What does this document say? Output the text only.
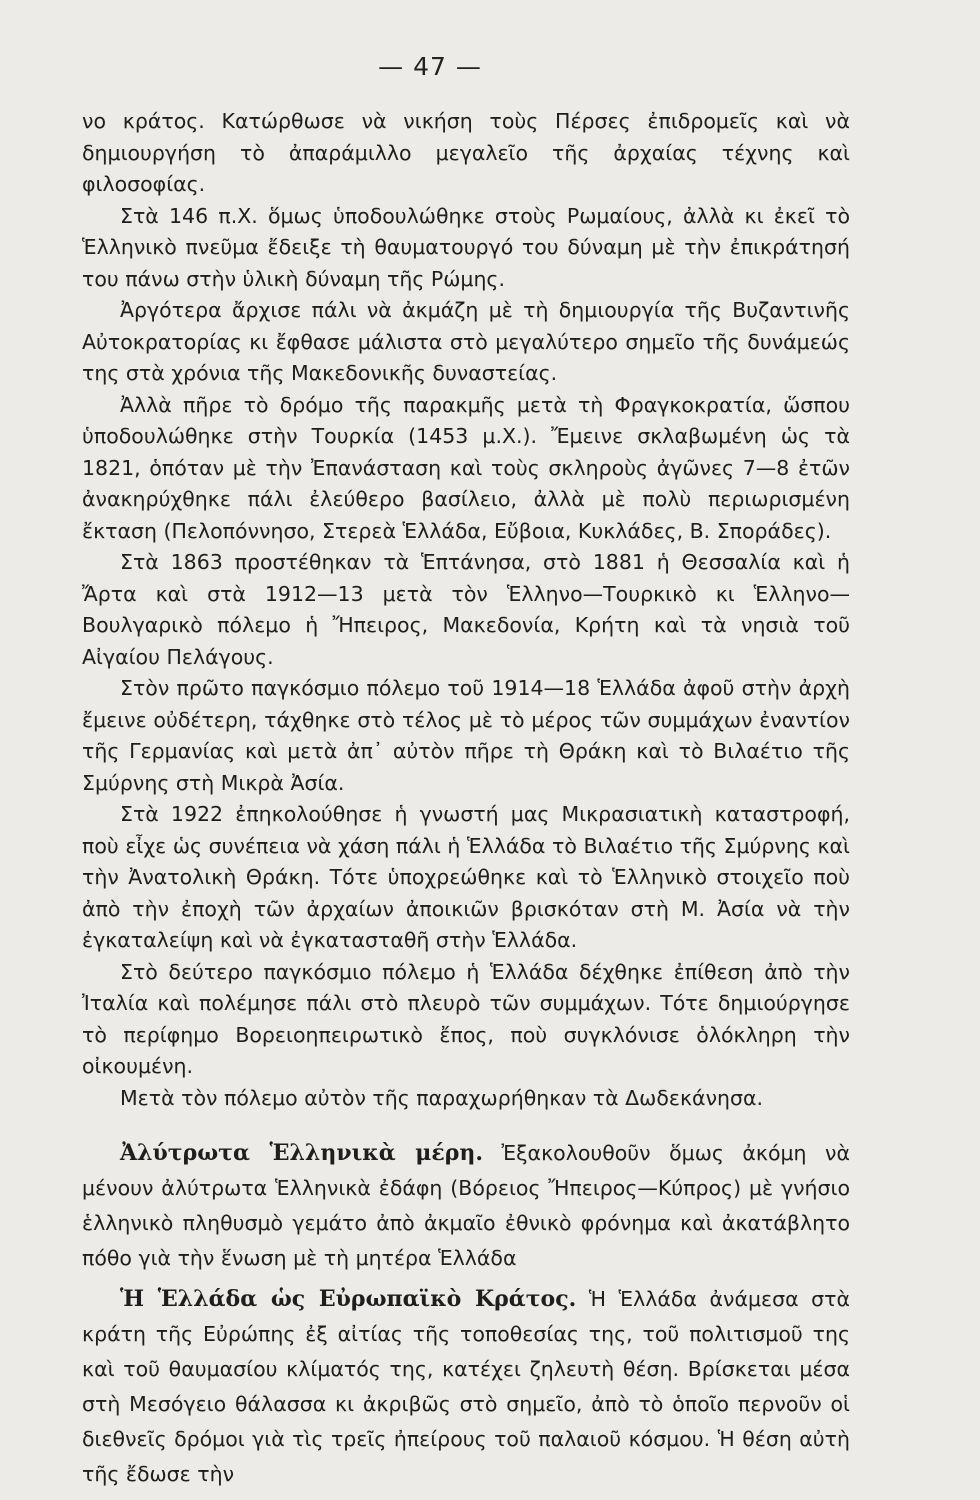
— 47 —

νο κράτος. Κατώρθωσε νὰ νικήση τοὺς Πέρσες ἐπιδρομεῖς καὶ νὰ δημιουργήση τὸ ἀπαράμιλλο μεγαλεῖο τῆς ἀρχαίας τέχνης καὶ φιλοσοφίας.

Στὰ 146 π.Χ. ὅμως ὑποδουλώθηκε στοὺς Ρωμαίους, ἀλλὰ κι ἐκεῖ τὸ Ἑλληνικὸ πνεῦμα ἔδειξε τὴ θαυματουργό του δύναμη μὲ τὴν ἐπικράτησή του πάνω στὴν ὑλικὴ δύναμη τῆς Ρώμης.

Ἀργότερα ἄρχισε πάλι νὰ ἀκμάζη μὲ τὴ δημιουργία τῆς Βυζαντινῆς Αὐτοκρατορίας κι ἔφθασε μάλιστα στὸ μεγαλύτερο σημεῖο τῆς δυνάμεώς της στὰ χρόνια τῆς Μακεδονικῆς δυναστείας.

Ἀλλὰ πῆρε τὸ δρόμο τῆς παρακμῆς μετὰ τὴ Φραγκοκρατία, ὥσπου ὑποδουλώθηκε στὴν Τουρκία (1453 μ.Χ.). Ἔμεινε σκλαβωμένη ὡς τὰ 1821, ὁπόταν μὲ τὴν Ἐπανάσταση καὶ τοὺς σκληροὺς ἀγῶνες 7—8 ἐτῶν ἀνακηρύχθηκε πάλι ἐλεύθερο βασίλειο, ἀλλὰ μὲ πολὺ περιωρισμένη ἔκταση (Πελοπόννησο, Στερεὰ Ἑλλάδα, Εὔβοια, Κυκλάδες, Β. Σποράδες).

Στὰ 1863 προστέθηκαν τὰ Ἑπτάνησα, στὸ 1881 ἡ Θεσσαλία καὶ ἡ Ἄρτα καὶ στὰ 1912—13 μετὰ τὸν Ἑλληνο—Τουρκικὸ κι Ἑλληνο—Βουλγαρικὸ πόλεμο ἡ Ἤπειρος, Μακεδονία, Κρήτη καὶ τὰ νησιὰ τοῦ Αἰγαίου Πελάγους.

Στὸν πρῶτο παγκόσμιο πόλεμο τοῦ 1914—18 Ἑλλάδα ἀφοῦ στὴν ἀρχὴ ἔμεινε οὐδέτερη, τάχθηκε στὸ τέλος μὲ τὸ μέρος τῶν συμμάχων ἐναντίον τῆς Γερμανίας καὶ μετὰ ἀπ᾿ αὐτὸν πῆρε τὴ Θράκη καὶ τὸ Βιλαέτιο τῆς Σμύρνης στὴ Μικρὰ Ἀσία.

Στὰ 1922 ἐπηκολούθησε ἡ γνωστή μας Μικρασιατικὴ καταστροφή, ποὺ εἶχε ὡς συνέπεια νὰ χάση πάλι ἡ Ἑλλάδα τὸ Βιλαέτιο τῆς Σμύρνης καὶ τὴν Ἀνατολικὴ Θράκη. Τότε ὑποχρεώθηκε καὶ τὸ Ἑλληνικὸ στοιχεῖο ποὺ ἀπὸ τὴν ἐποχὴ τῶν ἀρχαίων ἀποικιῶν βρισκόταν στὴ Μ. Ἀσία νὰ τὴν ἐγκαταλείψη καὶ νὰ ἐγκατασταθῆ στὴν Ἑλλάδα.

Στὸ δεύτερο παγκόσμιο πόλεμο ἡ Ἑλλάδα δέχθηκε ἐπίθεση ἀπὸ τὴν Ἰταλία καὶ πολέμησε πάλι στὸ πλευρὸ τῶν συμμάχων. Τότε δημιούργησε τὸ περίφημο Βορειοηπειρωτικὸ ἔπος, ποὺ συγκλόνισε ὁλόκληρη τὴν οἰκουμένη.

Μετὰ τὸν πόλεμο αὐτὸν τῆς παραχωρήθηκαν τὰ Δωδεκάνησα.

Ἀλύτρωτα Ἑλληνικὰ μέρη. Ἐξακολουθοῦν ὅμως ἀκόμη νὰ μένουν ἀλύτρωτα Ἑλληνικὰ ἐδάφη (Βόρειος Ἤπειρος—Κύπρος) μὲ γνήσιο ἑλληνικὸ πληθυσμὸ γεμάτο ἀπὸ ἀκμαῖο ἐθνικὸ φρόνημα καὶ ἀκατάβλητο πόθο γιὰ τὴν ἕνωση μὲ τὴ μητέρα Ἑλλάδα

Ἡ Ἑλλάδα ὡς Εὐρωπαϊκὸ Κράτος. Ἡ Ἑλλάδα ἀνάμεσα στὰ κράτη τῆς Εὐρώπης ἐξ αἰτίας τῆς τοποθεσίας της, τοῦ πολιτισμοῦ της καὶ τοῦ θαυμασίου κλίματός της, κατέχει ζηλευτὴ θέση. Βρίσκεται μέσα στὴ Μεσόγειο θάλασσα κι ἀκριβῶς στὸ σημεῖο, ἀπὸ τὸ ὁποῖο περνοῦν οἱ διεθνεῖς δρόμοι γιὰ τὶς τρεῖς ἠπείρους τοῦ παλαιοῦ κόσμου. Ἡ θέση αὐτὴ τῆς ἔδωσε τὴν
